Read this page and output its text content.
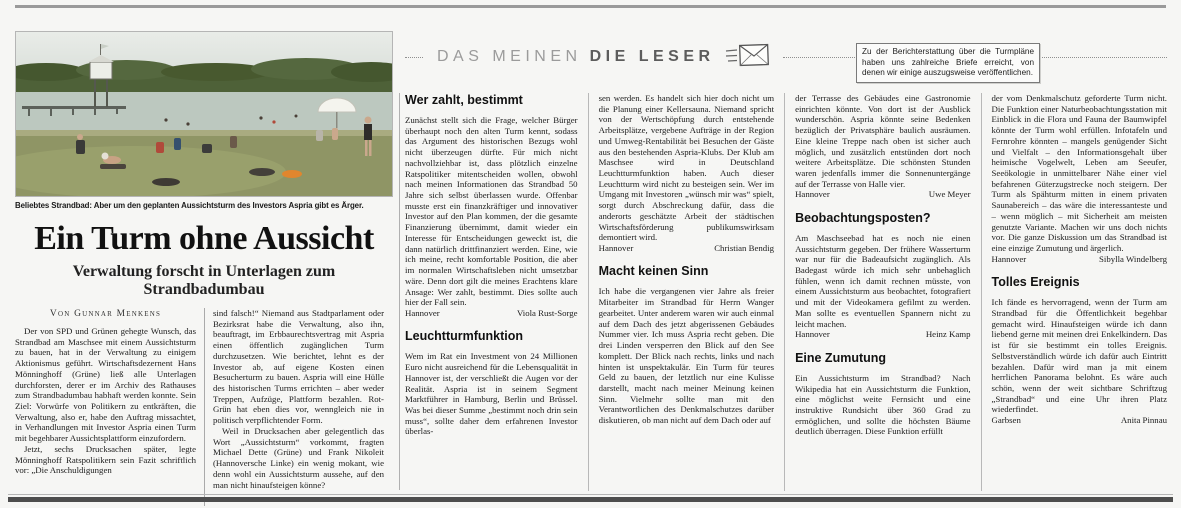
Beliebtes Strandbad: Aber um den geplanten Aussichtsturm des Investors Aspria gibt es Ärger.
Ein Turm ohne Aussicht
Verwaltung forscht in Unterlagen zum Strandbadumbau
Von Gunnar Menkens

Der von SPD und Grünen gehegte Wunsch, das Strandbad am Maschsee mit einem Aussichtsturm zu bauen, hat in der Verwaltung zu einigem Aktionismus geführt. Wirtschaftsdezernent Hans Mönninghoff (Grüne) ließ alle Unterlagen durchforsten, derer er im Archiv des Rathauses zum Strandbadumbau habhaft werden konnte. Sein Ziel: Vorwürfe von Politikern zu entkräften, die Verwaltung, also er, habe den Auftrag missachtet, in Verhandlungen mit Investor Aspria einen Turm mit begehbarer Aussichtsplattform einzufordern.

Jetzt, sechs Drucksachen später, legte Mönninghoff Ratspolitikern sein Fazit schriftlich vor: „Die Anschuldigungen

sind falsch!“ Niemand aus Stadtparlament oder Bezirksrat habe die Verwaltung, also ihn, beauftragt, im Erbbaurechtsvertrag mit Aspria einen öffentlich zugänglichen Turm durchzusetzen. Wie berichtet, lehnt es der Investor ab, auf eigene Kosten einen Besucherturm zu bauen. Aspria will eine Hülle des historischen Turms errichten – aber weder Treppen, Aufzüge, Plattform bezahlen. Rot-Grün hat eben dies vor, wenngleich nie in politisch verpflichtender Form.

Weil in Drucksachen aber gelegentlich das Wort „Aussichtsturm“ vorkommt, fragten Michael Dette (Grüne) und Frank Nikoleit (Hannoversche Linke) ein wenig mokant, wie denn wohl ein Aussichtsturm aussehe, auf den man nicht hinaufsteigen könne?

DAS MEINEN DIE LESER	Zu der Berichterstattung über die Turmpläne haben uns zahlreiche Briefe erreicht, von denen wir einige auszugsweise veröffentlichen.
Wer zahlt, bestimmt

Zunächst stellt sich die Frage, welcher Bürger überhaupt noch den alten Turm kennt, sodass das Argument des historischen Bezugs wohl nicht überzeugen dürfte. Für mich nicht nachvollziehbar ist, dass plötzlich einzelne Ratspolitiker mitentscheiden wollen, obwohl nach meinen Informationen das Strandbad 50 Jahre sich selbst überlassen wurde. Offenbar musste erst ein finanzkräftiger und innovativer Investor auf den Plan kommen, der die gesamte Finanzierung übernimmt, damit wieder ein Interesse für Entscheidungen geweckt ist, die dann natürlich drittfinanziert werden. Eine, wie ich meine, recht komfortable Position, die aber im normalen Wirtschaftsleben nicht umsetzbar wäre. Denn dort gilt die meines Erachtens klare Ansage: Wer zahlt, bestimmt. Dies sollte auch hier der Fall sein.

Hannover	Viola Rust-Sorge
Leuchtturmfunktion

Wem im Rat ein Investment von 24 Millionen Euro nicht ausreichend für die Lebensqualität in Hannover ist, der verschließt die Augen vor der Realität. Aspria ist in seinem Segment Marktführer in Hamburg, Berlin und Brüssel. Was bei dieser Summe „bestimmt noch drin sein muss“, sollte daher dem erfahrenen Investor überlas-

sen werden. Es handelt sich hier doch nicht um die Planung einer Kellersauna. Niemand spricht von der Wertschöpfung durch entstehende Arbeitsplätze, vergebene Aufträge in der Region und Umweg-Rentabilität bei Besuchen der Gäste aus den bestehenden Aspria-Klubs. Der Klub am Maschsee wird in Deutschland Leuchtturmfunktion haben. Auch dieser Leuchtturm wird nicht zu besteigen sein. Wer im Umgang mit Investoren „wünsch mir was“ spielt, sorgt durch Abschreckung dafür, dass die anderorts geschätzte Arbeit der städtischen Wirtschaftsförderung publikumswirksam demontiert wird.

Hannover	Christian Bendig
Macht keinen Sinn

Ich habe die vergangenen vier Jahre als freier Mitarbeiter im Strandbad für Herrn Wanger gearbeitet. Unter anderem waren wir auch einmal auf dem Dach des jetzt abgerissenen Gebäudes Nummer vier. Ich muss Aspria recht geben. Die drei Linden versperren den Blick auf den See komplett. Der Blick nach rechts, links und nach hinten ist unspektakulär. Ein Turm für teures Geld zu bauen, der letztlich nur eine Kulisse darstellt, macht nach meiner Meinung keinen Sinn. Vielmehr sollte man mit den Verantwortlichen des Denkmalschutzes darüber diskutieren, ob man nicht auf dem Dach oder auf

der Terrasse des Gebäudes eine Gastronomie einrichten könnte. Von dort ist der Ausblick wunderschön. Aspria könnte seine Bedenken bezüglich der Privatsphäre baulich ausräumen. Eine kleine Treppe nach oben ist sicher auch möglich, und zusätzlich entstünden dort noch weitere Arbeitsplätze. Die schönsten Stunden waren jedenfalls immer die Sonnenuntergänge auf der Terrasse von Halle vier.

Hannover	Uwe Meyer
Beobachtungsposten?

Am Maschseebad hat es noch nie einen Aussichtsturm gegeben. Der frühere Wasserturm war nur für die Badeaufsicht zugänglich. Als Badegast würde ich mich sehr unbehaglich fühlen, wenn ich damit rechnen müsste, von einem Aussichtsturm aus beobachtet, fotografiert und mit der Videokamera gefilmt zu werden. Man sollte es eventuellen Spannern nicht zu leicht machen.

Hannover	Heinz Kamp
Eine Zumutung

Ein Aussichtsturm im Strandbad? Nach Wikipedia hat ein Aussichtsturm die Funktion, eine möglichst weite Fernsicht und eine instruktive Rundsicht über 360 Grad zu ermöglichen, und sollte die höchsten Bäume deutlich überragen. Diese Funktion erfüllt

der vom Denkmalschutz geforderte Turm nicht. Die Funktion einer Naturbeobachtungsstation mit Einblick in die Flora und Fauna der Baumwipfel könnte der Turm wohl erfüllen. Infotafeln und Fernrohre könnten – mangels genügender Sicht und Vielfalt – den Informationsgehalt über heimische Vogelwelt, Leben am Seeufer, Seeökologie in unmittelbarer Nähe einer viel befahrenen Güterzugstrecke noch steigern. Der Turm als Spähturm mitten in einem privaten Saunabereich – das wäre die interessanteste und – wenn möglich – mit Sicherheit am meisten genutzte Variante. Machen wir uns doch nichts vor. Die ganze Diskussion um das Strandbad ist eine einzige Zumutung und ärgerlich.

Hannover	Sibylla Windelberg
Tolles Ereignis

Ich fände es hervorragend, wenn der Turm am Strandbad für die Öffentlichkeit begehbar gemacht wird. Hinaufsteigen würde ich dann liebend gerne mit meinen drei Enkelkindern. Das ist für sie bestimmt ein tolles Ereignis. Selbstverständlich würde ich dafür auch Eintritt bezahlen. Dafür wird man ja mit einem herrlichen Panorama belohnt. Es wäre auch schön, wenn der weit sichtbare Schriftzug „Strandbad“ und eine Uhr ihren Platz wiederfindet.

Garbsen	Anita Pinnau
